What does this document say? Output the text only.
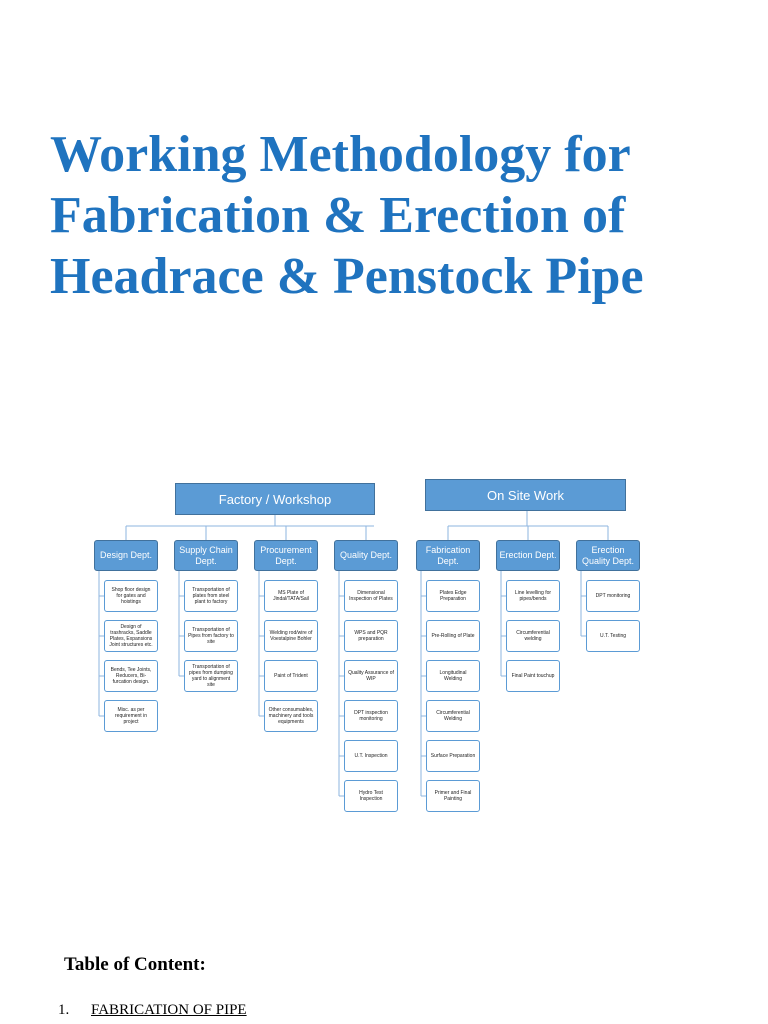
Working Methodology for
Fabrication & Erection of
Headrace & Penstock Pipe
Factory / Workshop	On Site Work
Design Dept.
Supply Chain Dept.
Procurement Dept.
Quality Dept.
Fabrication Dept.
Erection Dept.
Erection Quality Dept.
Shop floor design for gates and hoistings
Design of trashracks, Saddle Plates, Expansions Joint structures etc.
Bends, Tee Joints, Reducers, Bi-furcation design.
Misc. as per requirement in project
Transportation of plates from steel plant to factory
Transportation of Pipes from factory to site
Transportation of pipes from dumping yard to alignment site
MS Plate of Jindal/TATA/Sail
Welding rod/wire of Voestalpine Bohler
Paint of Trident
Other consumables, machinery and tools equipments
Dimensional Inspection of Plates
WPS and PQR preparation
Quality Assurance of WIP
DPT inspection monitoring
U.T. Inspection
Hydro Test Inspection
Plates Edge Preparation
Pre-Rolling of Plate
Longitudinal Welding
Circumferential Welding
Surface Preparation
Primer and Final Painting
Line levelling for pipes/bends
Circumferential welding
Final Paint touchup
DPT monitoring
U.T. Testing
Table of Content:
1. FABRICATION OF PIPE
